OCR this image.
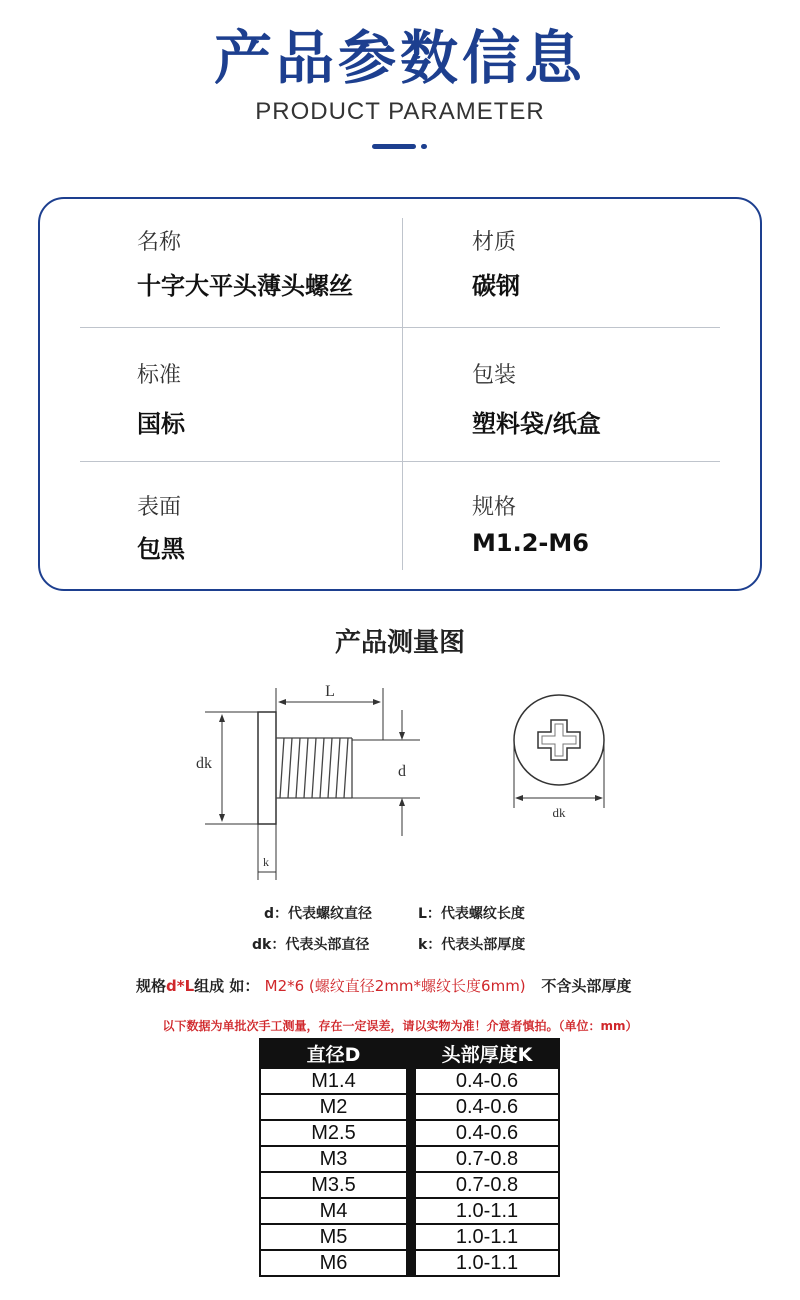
产品参数信息
PRODUCT PARAMETER
名称
十字大平头薄头螺丝
材质
碳钢
标准
国标
包装
塑料袋/纸盒
表面
包黑
规格
M1.2-M6
产品测量图
L
dk	d
k
dk
d：代表螺纹直径	L：代表螺纹长度
dk：代表头部直径	k：代表头部厚度
规格d*L组成 如： M2*6 (螺纹直径2mm*螺纹长度6mm) 不含头部厚度
以下数据为单批次手工测量，存在一定误差，请以实物为准！介意者慎拍。（单位：mm）
直径D		头部厚度K
M1.4		0.4-0.6
M2		0.4-0.6
M2.5		0.4-0.6
M3		0.7-0.8
M3.5		0.7-0.8
M4		1.0-1.1
M5		1.0-1.1
M6		1.0-1.1
